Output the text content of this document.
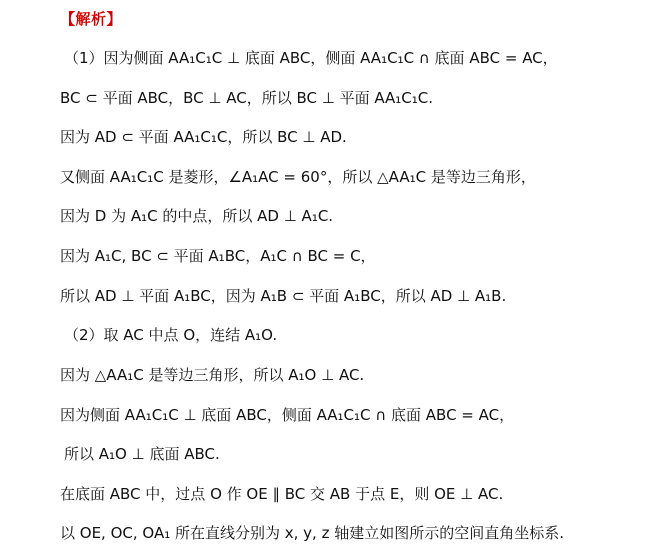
【解析】
（1）因为侧面 AA₁C₁C ⊥ 底面 ABC，侧面 AA₁C₁C ∩ 底面 ABC = AC，
BC ⊂ 平面 ABC，BC ⊥ AC，所以 BC ⊥ 平面 AA₁C₁C.
因为 AD ⊂ 平面 AA₁C₁C，所以 BC ⊥ AD.
又侧面 AA₁C₁C 是菱形，∠A₁AC = 60°，所以 △AA₁C 是等边三角形，
因为 D 为 A₁C 的中点，所以 AD ⊥ A₁C.
因为 A₁C, BC ⊂ 平面 A₁BC，A₁C ∩ BC = C，
所以 AD ⊥ 平面 A₁BC，因为 A₁B ⊂ 平面 A₁BC，所以 AD ⊥ A₁B.
（2）取 AC 中点 O，连结 A₁O.
因为 △AA₁C 是等边三角形，所以 A₁O ⊥ AC.
因为侧面 AA₁C₁C ⊥ 底面 ABC，侧面 AA₁C₁C ∩ 底面 ABC = AC，
所以 A₁O ⊥ 底面 ABC.
在底面 ABC 中，过点 O 作 OE ∥ BC 交 AB 于点 E，则 OE ⊥ AC.
以 OE, OC, OA₁ 所在直线分别为 x, y, z 轴建立如图所示的空间直角坐标系.
